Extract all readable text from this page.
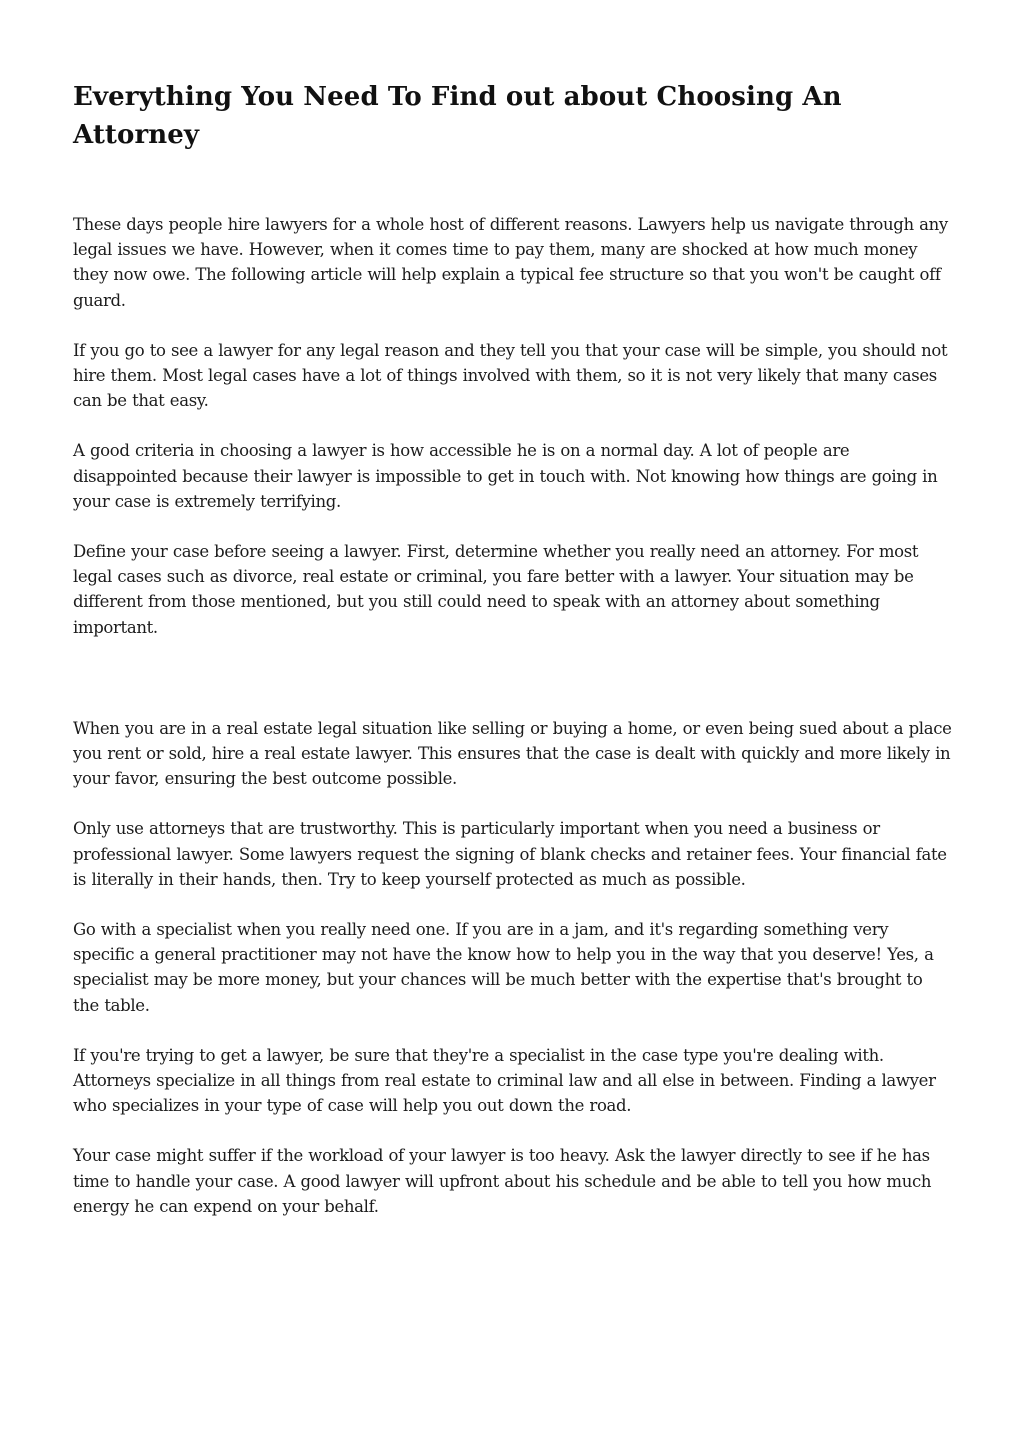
Everything You Need To Find out about Choosing An Attorney

These days people hire lawyers for a whole host of different reasons. Lawyers help us navigate through any legal issues we have. However, when it comes time to pay them, many are shocked at how much money they now owe. The following article will help explain a typical fee structure so that you won't be caught off guard.

If you go to see a lawyer for any legal reason and they tell you that your case will be simple, you should not hire them. Most legal cases have a lot of things involved with them, so it is not very likely that many cases can be that easy.

A good criteria in choosing a lawyer is how accessible he is on a normal day. A lot of people are disappointed because their lawyer is impossible to get in touch with. Not knowing how things are going in your case is extremely terrifying.

Define your case before seeing a lawyer. First, determine whether you really need an attorney. For most legal cases such as divorce, real estate or criminal, you fare better with a lawyer. Your situation may be different from those mentioned, but you still could need to speak with an attorney about something important.

When you are in a real estate legal situation like selling or buying a home, or even being sued about a place you rent or sold, hire a real estate lawyer. This ensures that the case is dealt with quickly and more likely in your favor, ensuring the best outcome possible.

Only use attorneys that are trustworthy. This is particularly important when you need a business or professional lawyer. Some lawyers request the signing of blank checks and retainer fees. Your financial fate is literally in their hands, then. Try to keep yourself protected as much as possible.

Go with a specialist when you really need one. If you are in a jam, and it's regarding something very specific a general practitioner may not have the know how to help you in the way that you deserve! Yes, a specialist may be more money, but your chances will be much better with the expertise that's brought to the table.

If you're trying to get a lawyer, be sure that they're a specialist in the case type you're dealing with. Attorneys specialize in all things from real estate to criminal law and all else in between. Finding a lawyer who specializes in your type of case will help you out down the road.

Your case might suffer if the workload of your lawyer is too heavy. Ask the lawyer directly to see if he has time to handle your case. A good lawyer will upfront about his schedule and be able to tell you how much energy he can expend on your behalf.
